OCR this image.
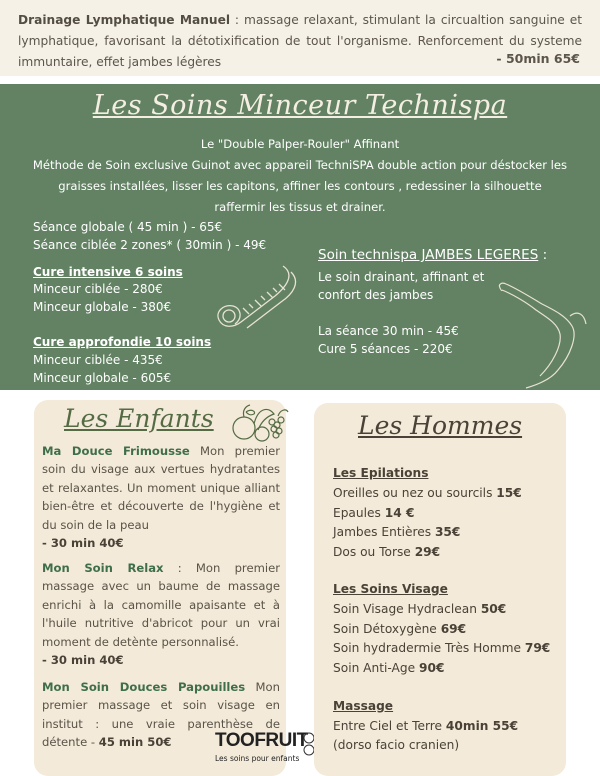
Drainage Lymphatique Manuel : massage relaxant, stimulant la circualtion sanguine et lymphatique, favorisant la détotixification de tout l'organisme. Renforcement du systeme immuntaire, effet jambes légères	- 50min 65€
Les Soins Minceur Technispa
Le "Double Palper-Rouler" Affinant
Méthode de Soin exclusive Guinot avec appareil TechniSPA double action pour déstocker les
graisses installées, lisser les capitons, affiner les contours , redessiner la silhouette
raffermir les tissus et drainer.
Séance globale ( 45 min ) - 65€
Séance ciblée 2 zones* ( 30min ) - 49€
Cure intensive 6 soins
Minceur ciblée - 280€
Minceur globale - 380€
Cure approfondie 10 soins
Minceur ciblée - 435€
Minceur globale - 605€
Soin technispa JAMBES LEGERES :
Le soin drainant, affinant et
confort des jambes
La séance 30 min - 45€
Cure 5 séances - 220€
Les Enfants

Ma Douce Frimousse Mon premier soin du visage aux vertues hydratantes et relaxantes. Un moment unique alliant bien-être et découverte de l'hygiène et du soin de la peau
- 30 min 40€

Mon Soin Relax : Mon premier massage avec un baume de massage enrichi à la camomille apaisante et à l'huile nutritive d'abricot pour un vrai moment de detènte personnalisé.
- 30 min 40€

Mon Soin Douces Papouilles Mon premier massage et soin visage en institut : une vraie parenthèse de détente - 45 min 50€	TOOFRUIT
Les soins pour enfants
Les Hommes
Les Epilations
Oreilles ou nez ou sourcils 15€
Epaules 14 €
Jambes Entières 35€
Dos ou Torse 29€
Les Soins Visage
Soin Visage Hydraclean 50€
Soin Détoxygène 69€
Soin hydradermie Très Homme 79€
Soin Anti-Age 90€
Massage
Entre Ciel et Terre 40min 55€
(dorso facio cranien)
